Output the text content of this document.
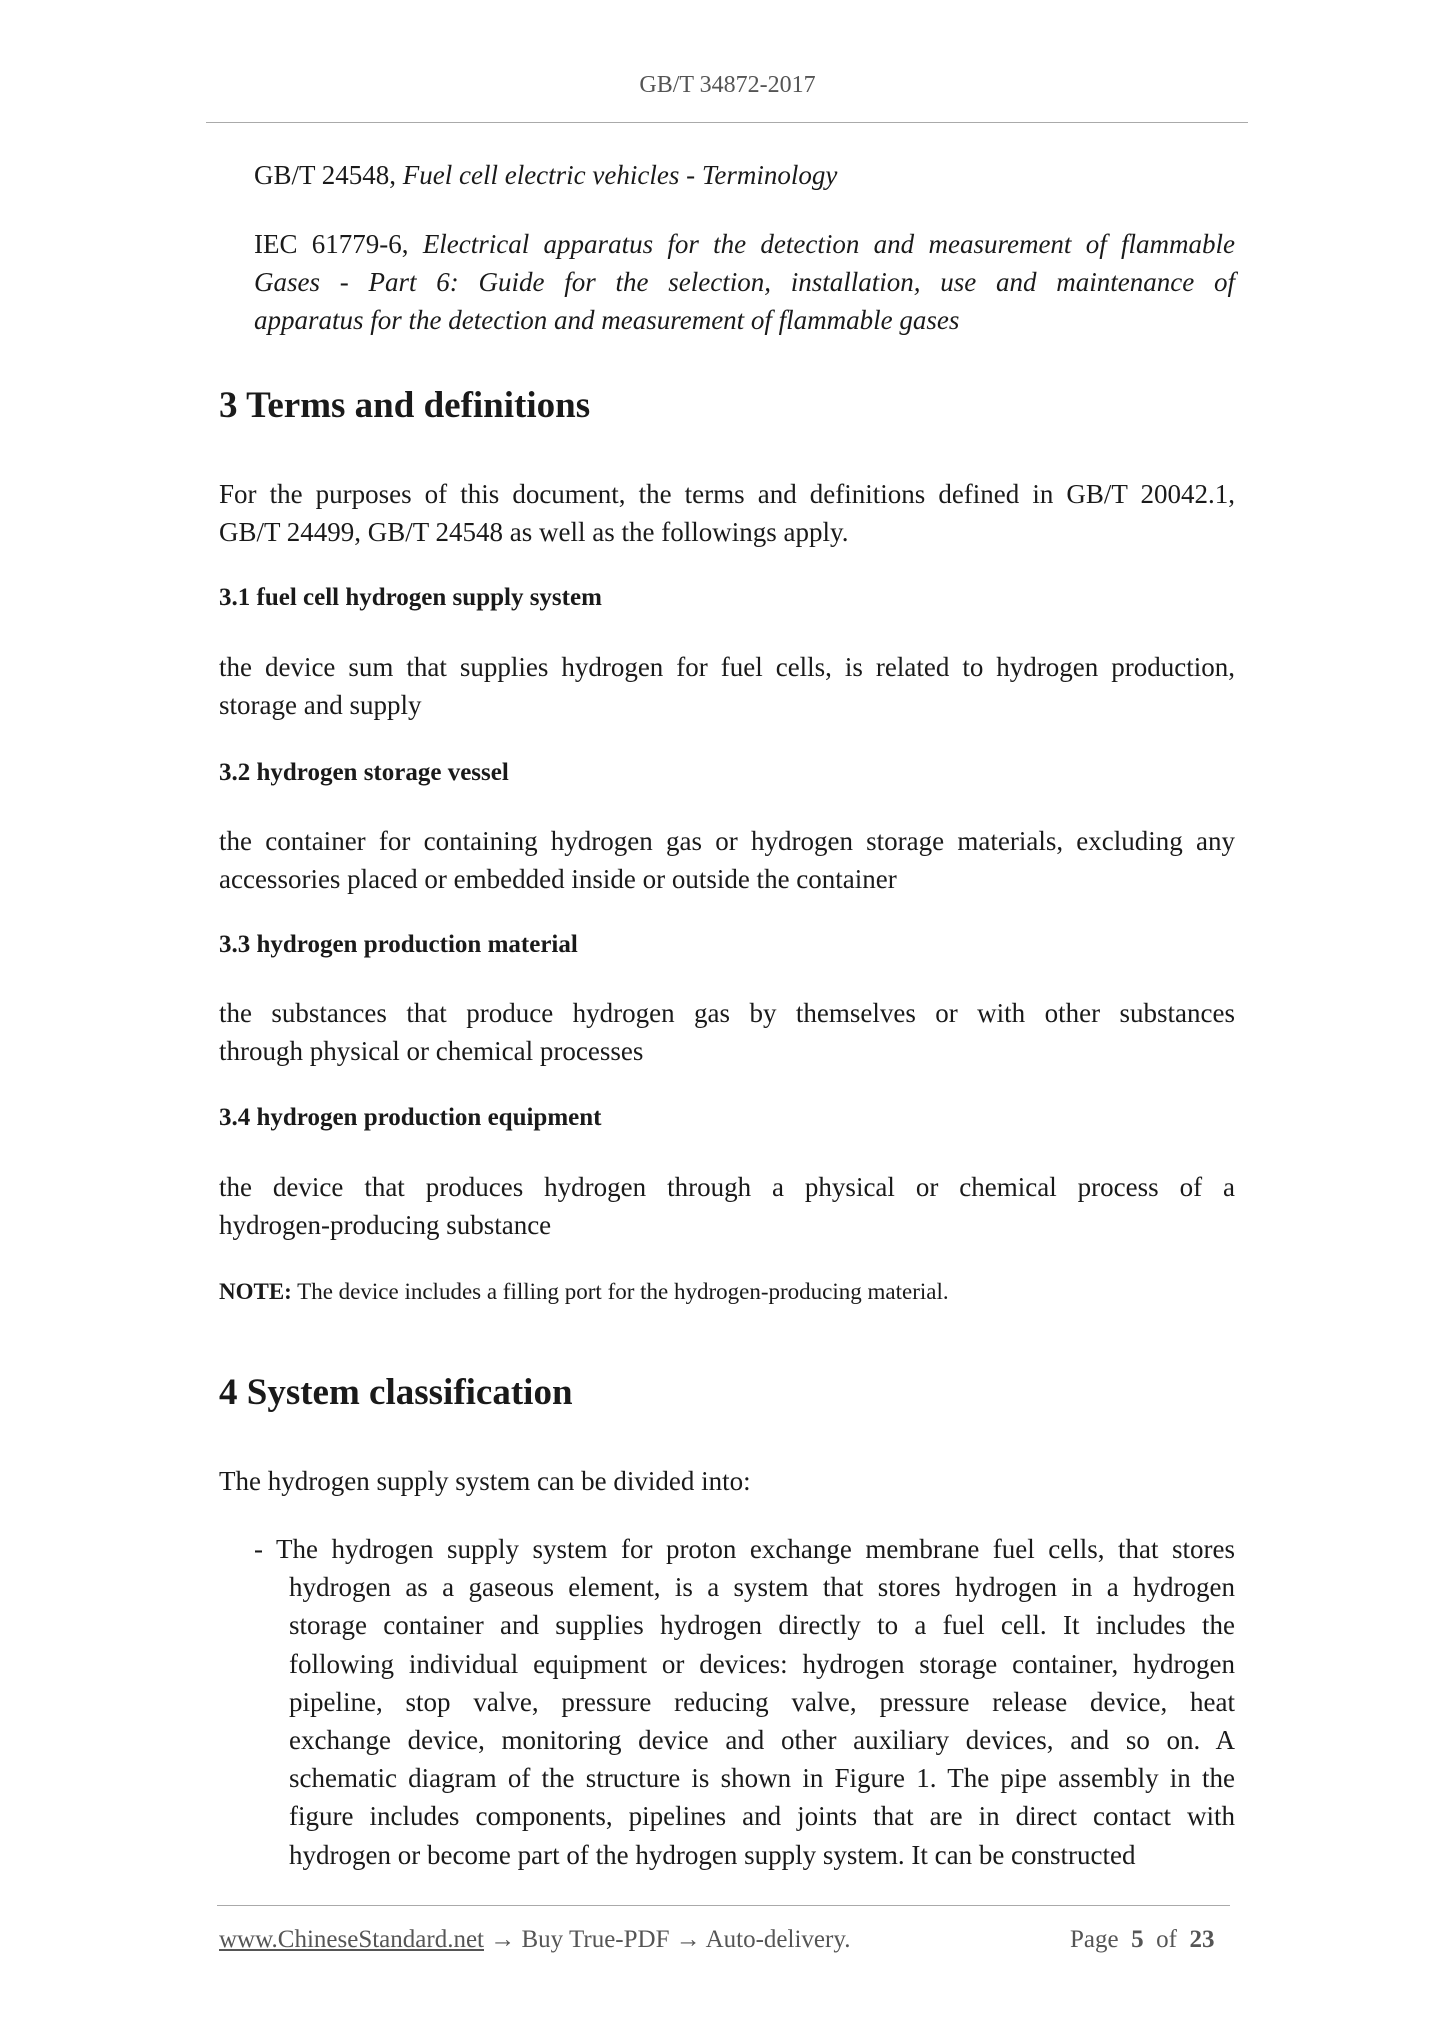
GB/T 34872-2017
GB/T 24548, Fuel cell electric vehicles - Terminology
IEC 61779-6, Electrical apparatus for the detection and measurement of flammable
Gases - Part 6: Guide for the selection, installation, use and maintenance of
apparatus for the detection and measurement of flammable gases
3 Terms and definitions
For the purposes of this document, the terms and definitions defined in GB/T 20042.1,
GB/T 24499, GB/T 24548 as well as the followings apply.
3.1 fuel cell hydrogen supply system
the device sum that supplies hydrogen for fuel cells, is related to hydrogen production,
storage and supply
3.2 hydrogen storage vessel
the container for containing hydrogen gas or hydrogen storage materials, excluding any
accessories placed or embedded inside or outside the container
3.3 hydrogen production material
the substances that produce hydrogen gas by themselves or with other substances
through physical or chemical processes
3.4 hydrogen production equipment
the device that produces hydrogen through a physical or chemical process of a
hydrogen-producing substance
NOTE: The device includes a filling port for the hydrogen-producing material.
4 System classification
The hydrogen supply system can be divided into:
- The hydrogen supply system for proton exchange membrane fuel cells, that stores
hydrogen as a gaseous element, is a system that stores hydrogen in a hydrogen
storage container and supplies hydrogen directly to a fuel cell. It includes the
following individual equipment or devices: hydrogen storage container, hydrogen
pipeline, stop valve, pressure reducing valve, pressure release device, heat
exchange device, monitoring device and other auxiliary devices, and so on. A
schematic diagram of the structure is shown in Figure 1. The pipe assembly in the
figure includes components, pipelines and joints that are in direct contact with
hydrogen or become part of the hydrogen supply system. It can be constructed
www.ChineseStandard.net → Buy True-PDF → Auto-delivery.	Page 5 of 23
